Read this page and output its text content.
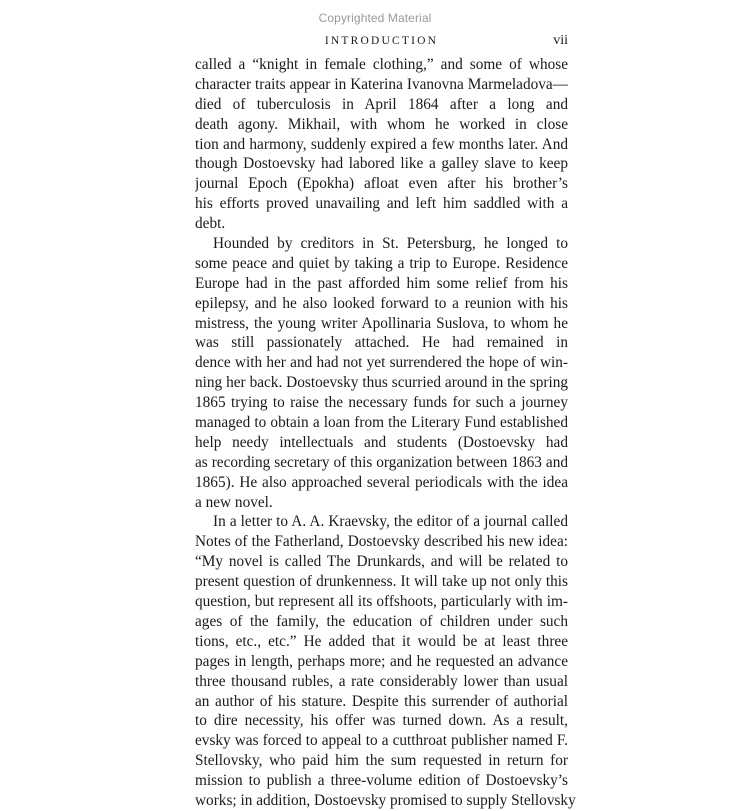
Copyrighted Material
INTRODUCTION	vii
called a “knight in female clothing,” and some of whose
character traits appear in Katerina Ivanovna Marmeladova—
died of tuberculosis in April 1864 after a long and
death agony. Mikhail, with whom he worked in close
tion and harmony, suddenly expired a few months later. And
though Dostoevsky had labored like a galley slave to keep
journal Epoch (Epokha) afloat even after his brother’s
his efforts proved unavailing and left him saddled with a
debt.
Hounded by creditors in St. Petersburg, he longed to
some peace and quiet by taking a trip to Europe. Residence
Europe had in the past afforded him some relief from his
epilepsy, and he also looked forward to a reunion with his
mistress, the young writer Apollinaria Suslova, to whom he
was still passionately attached. He had remained in
dence with her and had not yet surrendered the hope of win-
ning her back. Dostoevsky thus scurried around in the spring
1865 trying to raise the necessary funds for such a journey
managed to obtain a loan from the Literary Fund established
help needy intellectuals and students (Dostoevsky had
as recording secretary of this organization between 1863 and
1865). He also approached several periodicals with the idea
a new novel.
In a letter to A. A. Kraevsky, the editor of a journal called
Notes of the Fatherland, Dostoevsky described his new idea:
“My novel is called The Drunkards, and will be related to
present question of drunkenness. It will take up not only this
question, but represent all its offshoots, particularly with im-
ages of the family, the education of children under such
tions, etc., etc.” He added that it would be at least three
pages in length, perhaps more; and he requested an advance
three thousand rubles, a rate considerably lower than usual
an author of his stature. Despite this surrender of authorial
to dire necessity, his offer was turned down. As a result,
evsky was forced to appeal to a cutthroat publisher named F.
Stellovsky, who paid him the sum requested in return for
mission to publish a three-volume edition of Dostoevsky’s
works; in addition, Dostoevsky promised to supply Stellovsky
